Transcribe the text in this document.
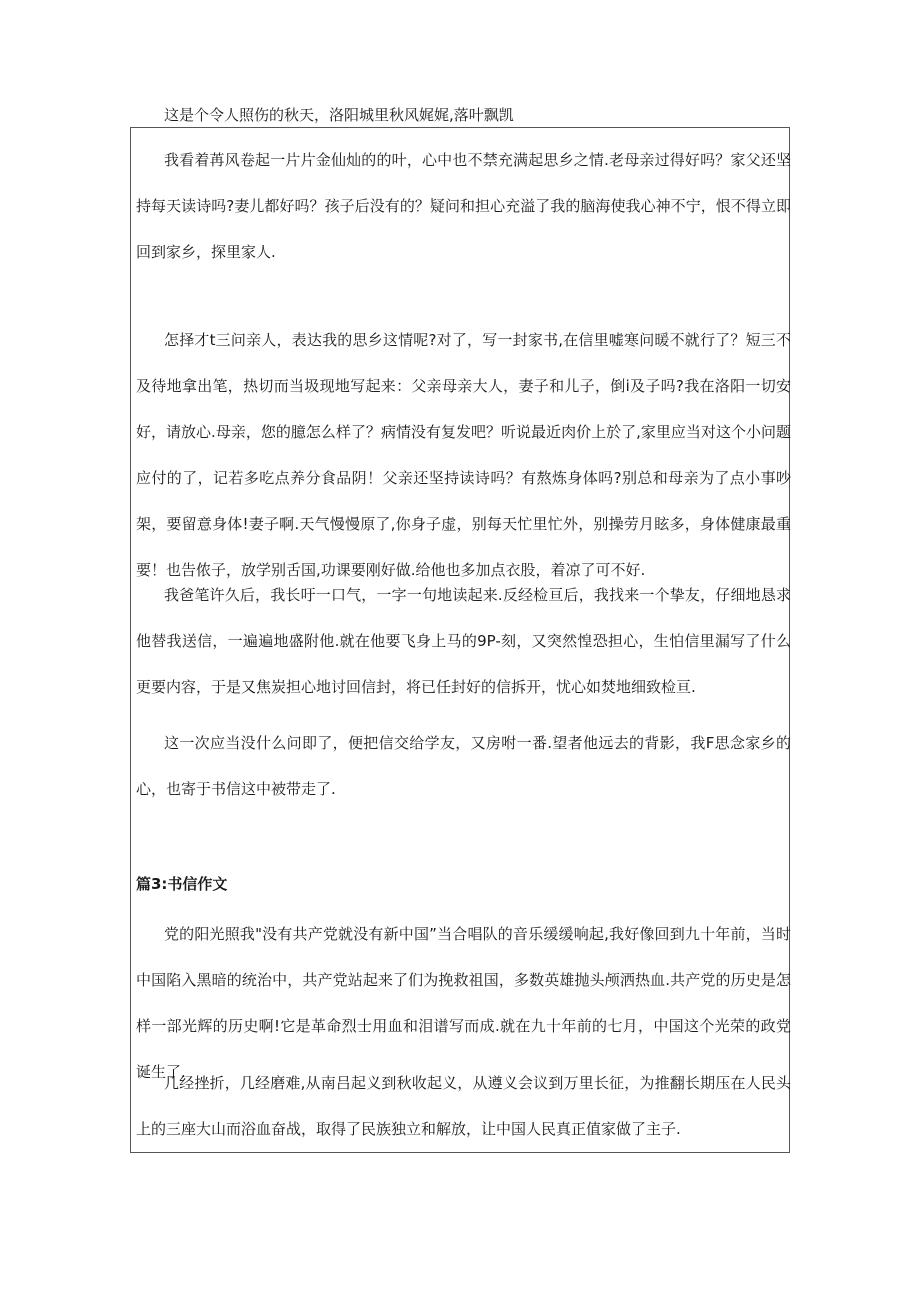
这是个令人照伤的秋天，洛阳城里秋风娓娓,落叶飘凯

我看着苒风卷起一片片金仙灿的的叶，心中也不禁充满起思乡之情.老母亲过得好吗？家父还坚持每天读诗吗?妻儿都好吗？孩子后没有的？疑问和担心充溢了我的脑海使我心神不宁，恨不得立即回到家乡，探里家人.

怎择才t三问亲人，表达我的思乡这情呢?对了，写一封家书,在信里嘘寒问暖不就行了？短三不及待地拿出笔，热切而当圾现地写起来：父亲母亲大人，妻子和儿子，倒i及子吗?我在洛阳一切安好，请放心.母亲，您的臆怎么样了？病情没有复发吧？听说最近肉价上於了,家里应当对这个小问题应付的了，记若多吃点养分食品阴！父亲还坚持读诗吗？有熬炼身体吗?别总和母亲为了点小事吵架，要留意身体!妻子啊.天气慢慢原了,你身子虚，别每天忙里忙外，别操劳月眩多，身体健康最重要！也告侬子，放学别舌国,功课要刚好做.给他也多加点衣股，着凉了可不好.

我爸笔许久后，我长吁一口气，一字一句地读起来.反经检亘后，我找来一个挚友，仔细地恳求他替我送信，一遍遍地盛附他.就在他要飞身上马的9P-刻，又突然惶恐担心，生怕信里漏写了什么更要内容，于是又焦炭担心地讨回信封，将已任封好的信拆开，忧心如焚地细致检亘.

这一次应当没什么问即了，便把信交给学友，又房咐一番.望者他远去的背影，我F思念家乡的心，也寄于书信这中被带走了.

篇3:书信作文

党的阳光照我"没有共产党就没有新中国”当合唱队的音乐缓缓响起,我好像回到九十年前，当时中国陷入黑暗的统治中，共产党站起来了们为挽救祖国，多数英雄抛头颅洒热血.共产党的历史是怎样一部光辉的历史啊!它是革命烈士用血和泪谱写而成.就在九十年前的七月，中国这个光荣的政党诞生了.

几经挫折，几经磨难,从南吕起义到秋收起义，从遵义会议到万里长征，为推翻长期压在人民头上的三座大山而浴血奋战，取得了民族独立和解放，让中国人民真正值家做了主子.
